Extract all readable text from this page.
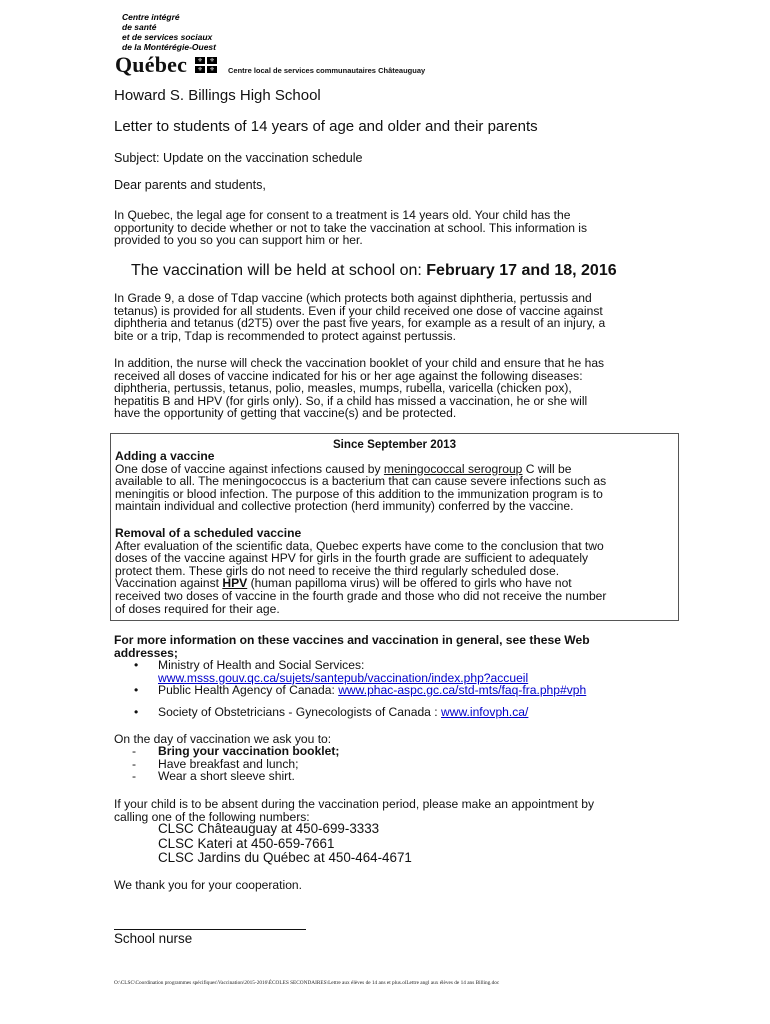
Centre intégré
de santé
et de services sociaux
de la Montérégie-Ouest
Québec	⚜	⚜
⚜	⚜	Centre local de services communautaires Châteauguay
Howard S. Billings High School
Letter to students of 14 years of age and older and their parents
Subject: Update on the vaccination schedule
Dear parents and students,
In Quebec, the legal age for consent to a treatment is 14 years old. Your child has the
opportunity to decide whether or not to take the vaccination at school. This information is
provided to you so you can support him or her.
The vaccination will be held at school on: February 17 and 18, 2016
In Grade 9, a dose of Tdap vaccine (which protects both against diphtheria, pertussis and
tetanus) is provided for all students. Even if your child received one dose of vaccine against
diphtheria and tetanus (d2T5) over the past five years, for example as a result of an injury, a
bite or a trip, Tdap is recommended to protect against pertussis.
In addition, the nurse will check the vaccination booklet of your child and ensure that he has
received all doses of vaccine indicated for his or her age against the following diseases:
diphtheria, pertussis, tetanus, polio, measles, mumps, rubella, varicella (chicken pox),
hepatitis B and HPV (for girls only). So, if a child has missed a vaccination, he or she will
have the opportunity of getting that vaccine(s) and be protected.
Since September 2013
Adding a vaccine
One dose of vaccine against infections caused by meningococcal serogroup C will be
available to all. The meningococcus is a bacterium that can cause severe infections such as
meningitis or blood infection. The purpose of this addition to the immunization program is to
maintain individual and collective protection (herd immunity) conferred by the vaccine.
Removal of a scheduled vaccine
After evaluation of the scientific data, Quebec experts have come to the conclusion that two
doses of the vaccine against HPV for girls in the fourth grade are sufficient to adequately
protect them. These girls do not need to receive the third regularly scheduled dose.
Vaccination against HPV (human papilloma virus) will be offered to girls who have not
received two doses of vaccine in the fourth grade and those who did not receive the number
of doses required for their age.
For more information on these vaccines and vaccination in general, see these Web
addresses;
• Ministry of Health and Social Services:
www.msss.gouv.qc.ca/sujets/santepub/vaccination/index.php?accueil
• Public Health Agency of Canada: www.phac-aspc.gc.ca/std-mts/faq-fra.php#vph
• Society of Obstetricians - Gynecologists of Canada : www.infovph.ca/
On the day of vaccination we ask you to:
- Bring your vaccination booklet;
- Have breakfast and lunch;
- Wear a short sleeve shirt.
If your child is to be absent during the vaccination period, please make an appointment by
calling one of the following numbers:
CLSC Châteauguay at 450-699-3333
CLSC Kateri at 450-659-7661
CLSC Jardins du Québec at 450-464-4671
We thank you for your cooperation.
School nurse
O:\CLSC\Coordination programmes spécifiques\Vaccination\2015-2016\ÉCOLES SECONDAIRES\Lettre aux élèves de 14 ans et plus.olLettre angl aux élèves de 14 ans Billing.doc
